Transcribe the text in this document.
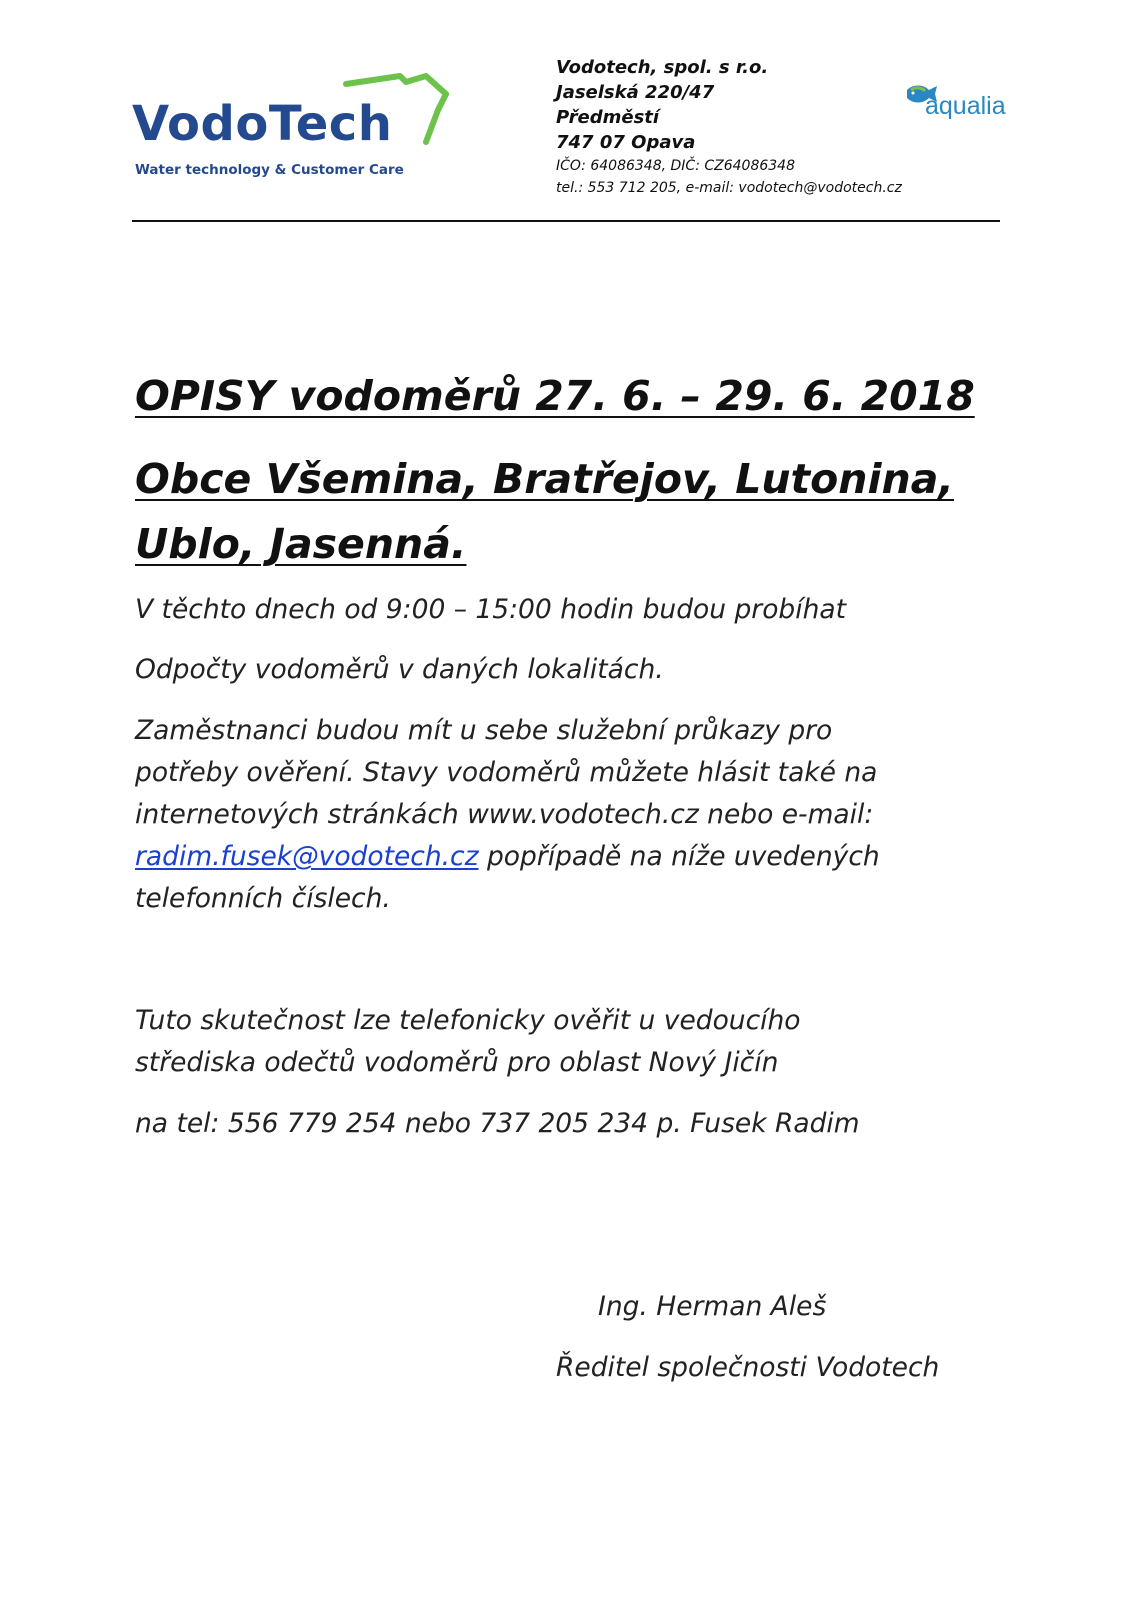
VodoTech
Water technology & Customer Care
Vodotech, spol. s r.o.
Jaselská 220/47
Předměstí
747 07 Opava
IČO: 64086348, DIČ: CZ64086348
tel.: 553 712 205, e-mail: vodotech@vodotech.cz
aqualia
OPISY vodoměrů 27. 6. – 29. 6. 2018
Obce Všemina, Bratřejov, Lutonina,
Ublo, Jasenná.
V těchto dnech od 9:00 – 15:00 hodin budou probíhat
Odpočty vodoměrů v daných lokalitách.
Zaměstnanci budou mít u sebe služební průkazy pro
potřeby ověření. Stavy vodoměrů můžete hlásit také na
internetových stránkách www.vodotech.cz nebo e-mail:
radim.fusek@vodotech.cz popřípadě na níže uvedených
telefonních číslech.
Tuto skutečnost lze telefonicky ověřit u vedoucího
střediska odečtů vodoměrů pro oblast Nový Jičín
na tel: 556 779 254 nebo 737 205 234 p. Fusek Radim
Ing. Herman Aleš
Ředitel společnosti Vodotech
